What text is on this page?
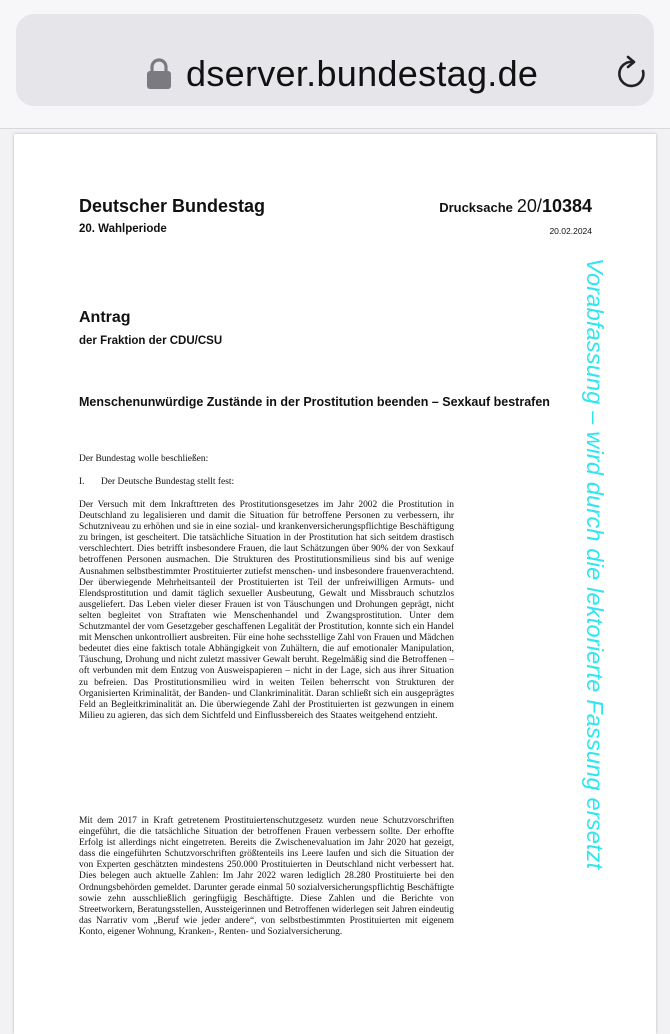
dserver.bundestag.de
Deutscher Bundestag
20. Wahlperiode
Drucksache 20/10384
20.02.2024
Antrag
der Fraktion der CDU/CSU
Menschenunwürdige Zustände in der Prostitution beenden – Sexkauf bestrafen
Der Bundestag wolle beschließen:
I. Der Deutsche Bundestag stellt fest:
Der Versuch mit dem Inkrafttreten des Prostitutionsgesetzes im Jahr 2002 die Prostitution in Deutschland zu legalisieren und damit die Situation für betroffene Personen zu verbessern, ihr Schutzniveau zu erhöhen und sie in eine sozial- und krankenversicherungspflichtige Beschäftigung zu bringen, ist gescheitert. Die tatsächliche Situation in der Prostitution hat sich seitdem drastisch verschlechtert. Dies betrifft insbesondere Frauen, die laut Schätzungen über 90% der von Sexkauf betroffenen Personen ausmachen. Die Strukturen des Prostitutionsmilieus sind bis auf wenige Ausnahmen selbstbestimmter Prostituierter zutiefst menschen- und insbesondere frauenverachtend. Der überwiegende Mehrheitsanteil der Prostituierten ist Teil der unfreiwilligen Armuts- und Elendsprostitution und damit täglich sexueller Ausbeutung, Gewalt und Missbrauch schutzlos ausgeliefert. Das Leben vieler dieser Frauen ist von Täuschungen und Drohungen geprägt, nicht selten begleitet von Straftaten wie Menschenhandel und Zwangsprostitution. Unter dem Schutzmantel der vom Gesetzgeber geschaffenen Legalität der Prostitution, konnte sich ein Handel mit Menschen unkontrolliert ausbreiten. Für eine hohe sechsstellige Zahl von Frauen und Mädchen bedeutet dies eine faktisch totale Abhängigkeit von Zuhältern, die auf emotionaler Manipulation, Täuschung, Drohung und nicht zuletzt massiver Gewalt beruht. Regelmäßig sind die Betroffenen – oft verbunden mit dem Entzug von Ausweispapieren – nicht in der Lage, sich aus ihrer Situation zu befreien. Das Prostitutionsmilieu wird in weiten Teilen beherrscht von Strukturen der Organisierten Kriminalität, der Banden- und Clankriminalität. Daran schließt sich ein ausgeprägtes Feld an Begleitkriminalität an. Die überwiegende Zahl der Prostituierten ist gezwungen in einem Milieu zu agieren, das sich dem Sichtfeld und Einflussbereich des Staates weitgehend entzieht.
Mit dem 2017 in Kraft getretenem Prostituiertenschutzgesetz wurden neue Schutzvorschriften eingeführt, die die tatsächliche Situation der betroffenen Frauen verbessern sollte. Der erhoffte Erfolg ist allerdings nicht eingetreten. Bereits die Zwischenevaluation im Jahr 2020 hat gezeigt, dass die eingeführten Schutzvorschriften größtenteils ins Leere laufen und sich die Situation der von Experten geschätzten mindestens 250.000 Prostituierten in Deutschland nicht verbessert hat. Dies belegen auch aktuelle Zahlen: Im Jahr 2022 waren lediglich 28.280 Prostituierte bei den Ordnungsbehörden gemeldet. Darunter gerade einmal 50 sozialversicherungspflichtig Beschäftigte sowie zehn ausschließlich geringfügig Beschäftigte. Diese Zahlen und die Berichte von Streetworkern, Beratungsstellen, Aussteigerinnen und Betroffenen widerlegen seit Jahren eindeutig das Narrativ vom „Beruf wie jeder andere“, von selbstbestimmten Prostituierten mit eigenem Konto, eigener Wohnung, Kranken-, Renten- und Sozialversicherung.
Vorabfassung – wird durch die lektorierte Fassung ersetzt
